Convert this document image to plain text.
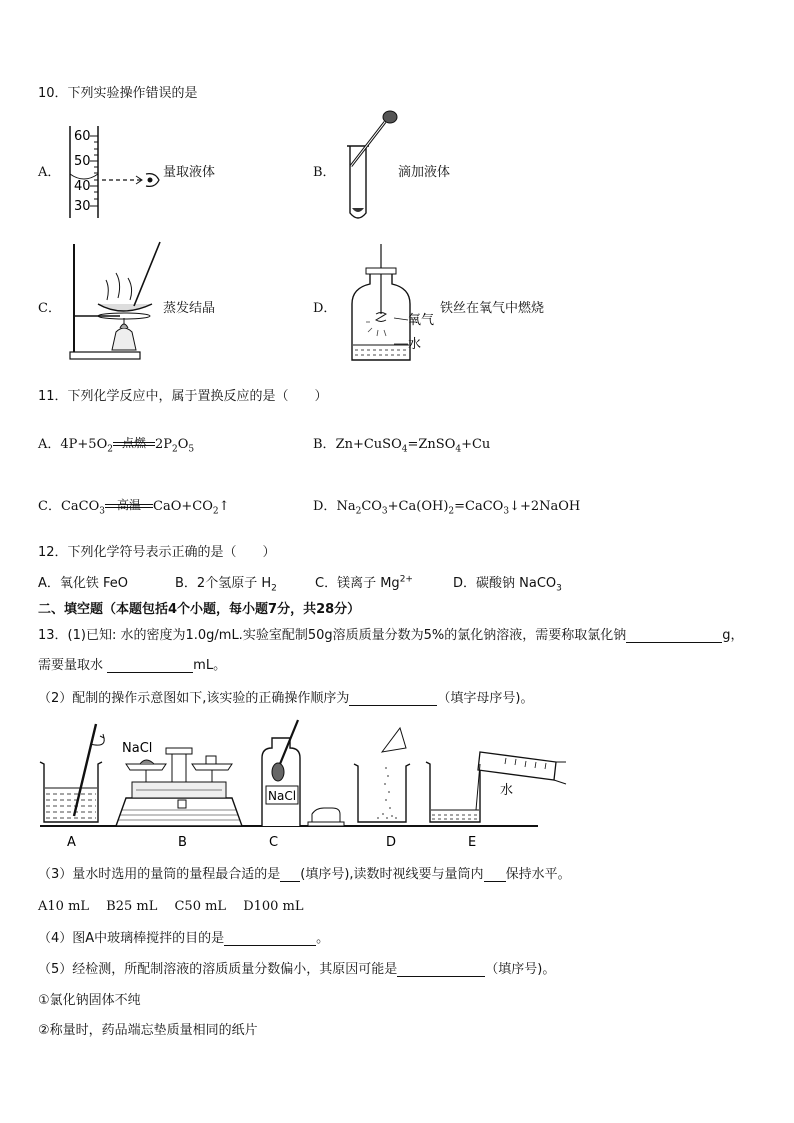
10．下列实验操作错误的是
A．
60
50
40
30
量取液体	B．	滴加液体
C．	蒸发结晶	D．
氧气
水
铁丝在氧气中燃烧
11．下列化学反应中，属于置换反应的是（　　）
A．$4P+5O_2$ 点燃 $2P_2O_5$	B．Zn+CuSO$_4$=ZnSO$_4$+Cu
C．CaCO$_3$ 高温 $CaO+CO_2↑$	D．$Na_2CO_3+Ca(OH)_2=CaCO_3↓+2NaOH$
12．下列化学符号表示正确的是（　　）
A．氧化铁 FeO	B．2个氢原子 $H_2$	C．镁离子 $Mg^{2+}$	D．碳酸钠 NaCO$_3$
二、填空题（本题包括4个小题，每小题7分，共28分）
13．(1)已知: 水的密度为1.0g/mL.实验室配制50g溶质质量分数为5%的氯化钠溶液，需要称取氯化钠	g，
需要量取水	mL。
（2）配制的操作示意图如下,该实验的正确操作顺序为	（填字母序号)。
NaCl
NaCl	水
A	B	C	D	E
（3）量水时选用的量筒的量程最合适的是 (填序号),读数时视线要与量筒内 保持水平。
A10 mL　 B25 mL　 C50 mL　 D100 mL
（4）图A中玻璃棒搅拌的目的是	。
（5）经检测，所配制溶液的溶质质量分数偏小，其原因可能是	（填序号)。
①氯化钠固体不纯
②称量时，药品端忘垫质量相同的纸片
